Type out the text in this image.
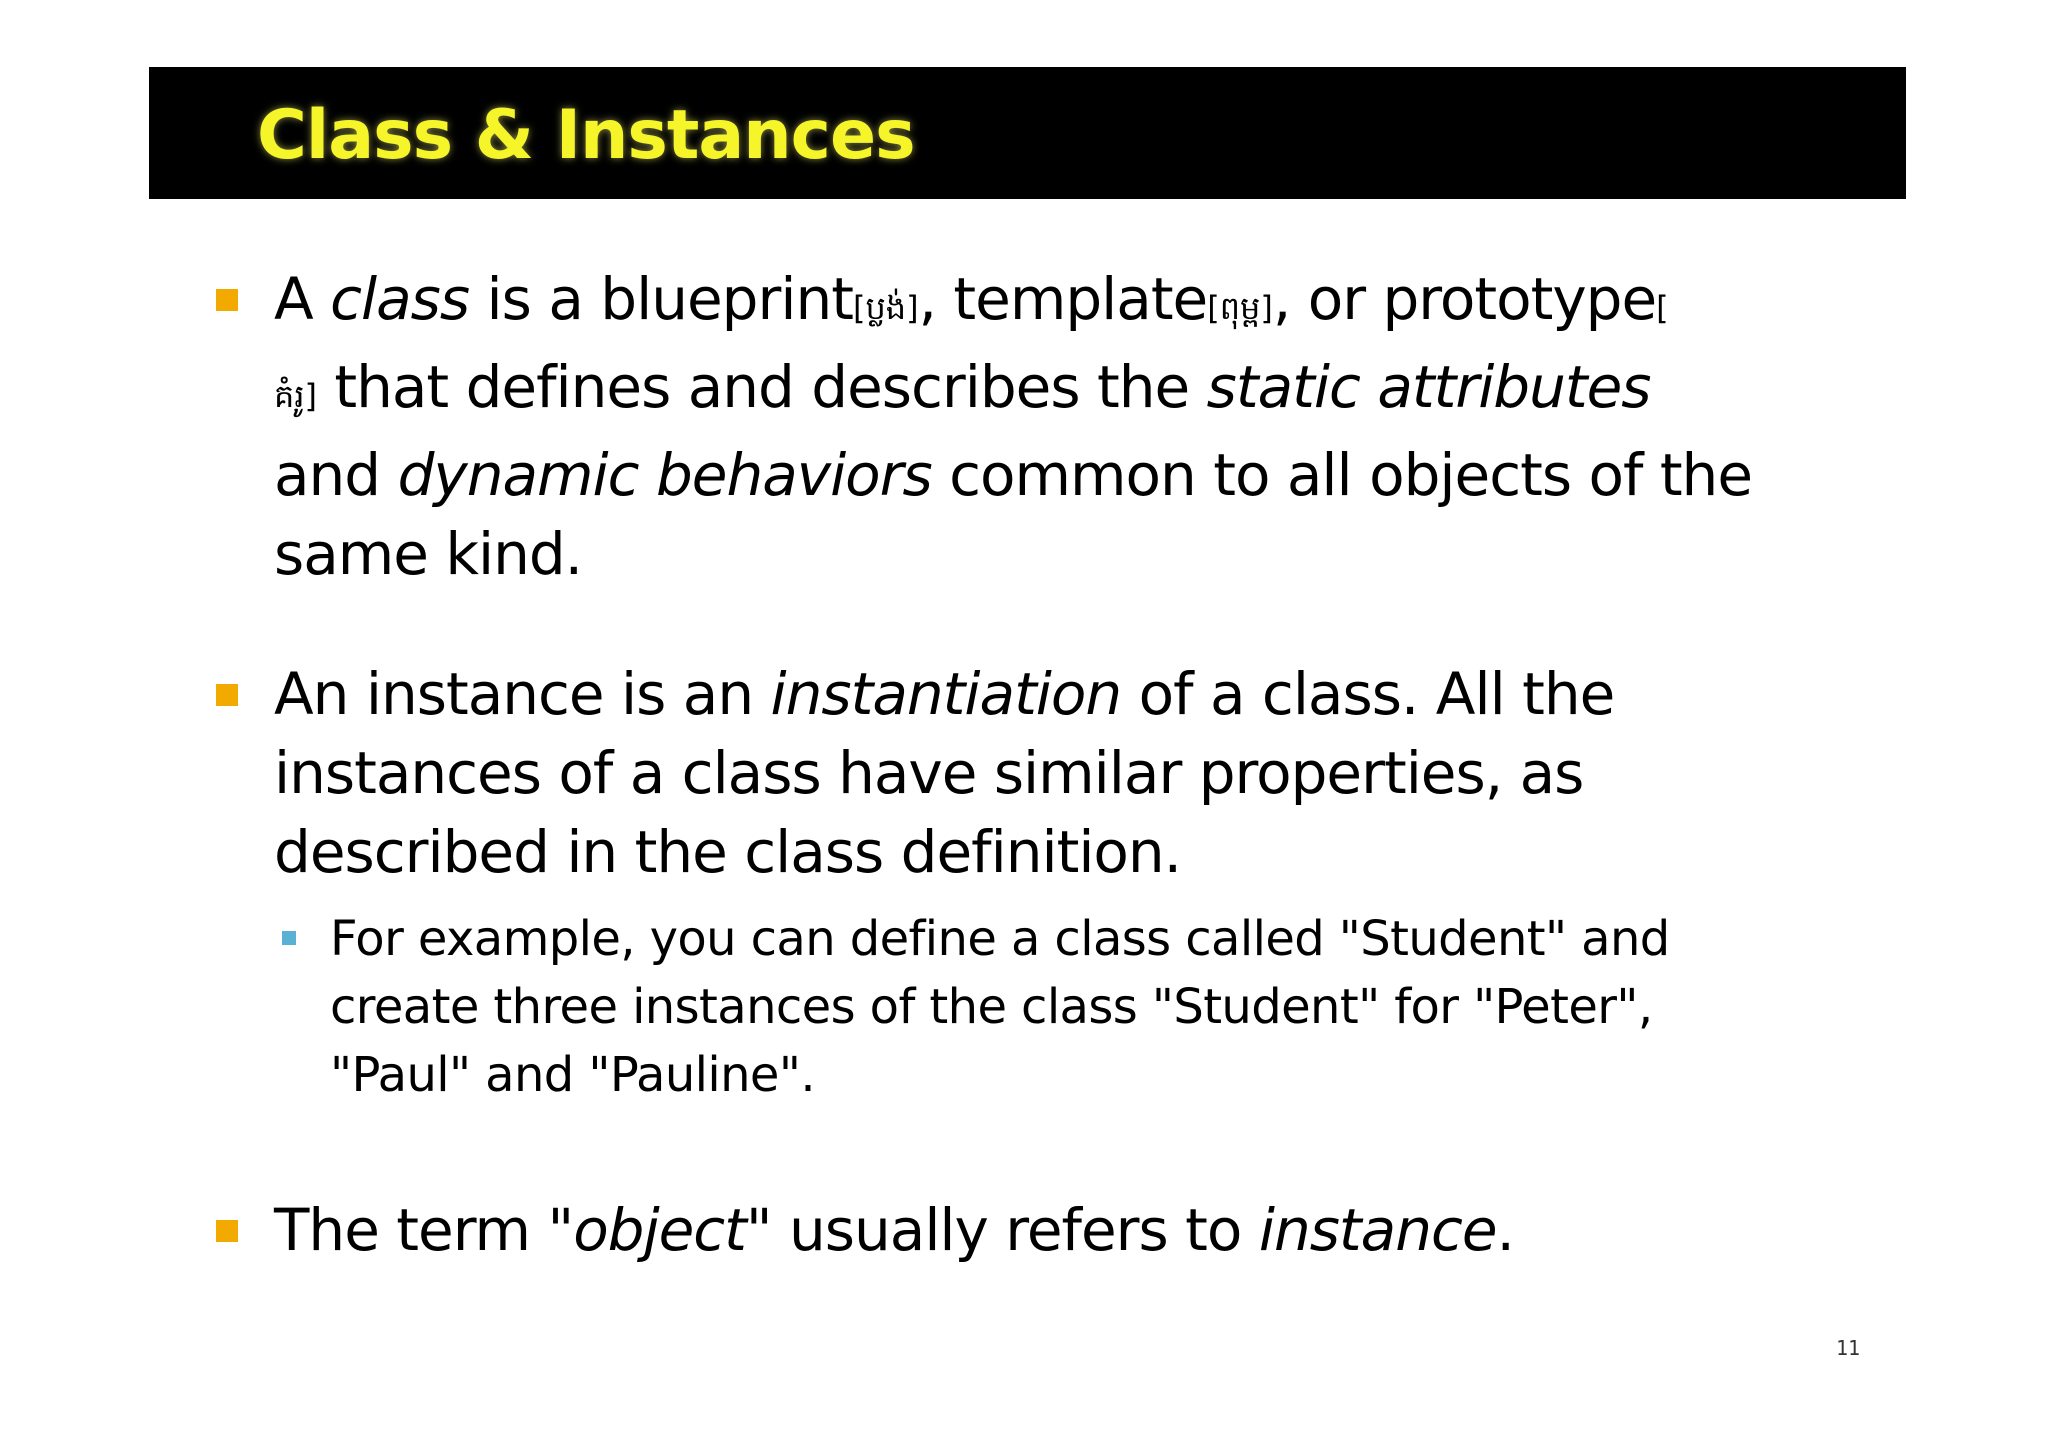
Class & Instances

A class is a blueprint[ប្លង់], template[ពុម្ព], or prototype[
គំរូ] that defines and describes the static attributes
and dynamic behaviors common to all objects of the
same kind.

An instance is an instantiation of a class. All the
instances of a class have similar properties, as
described in the class definition.

For example, you can define a class called "Student" and
create three instances of the class "Student" for "Peter",
"Paul" and "Pauline".

The term "object" usually refers to instance.

11
